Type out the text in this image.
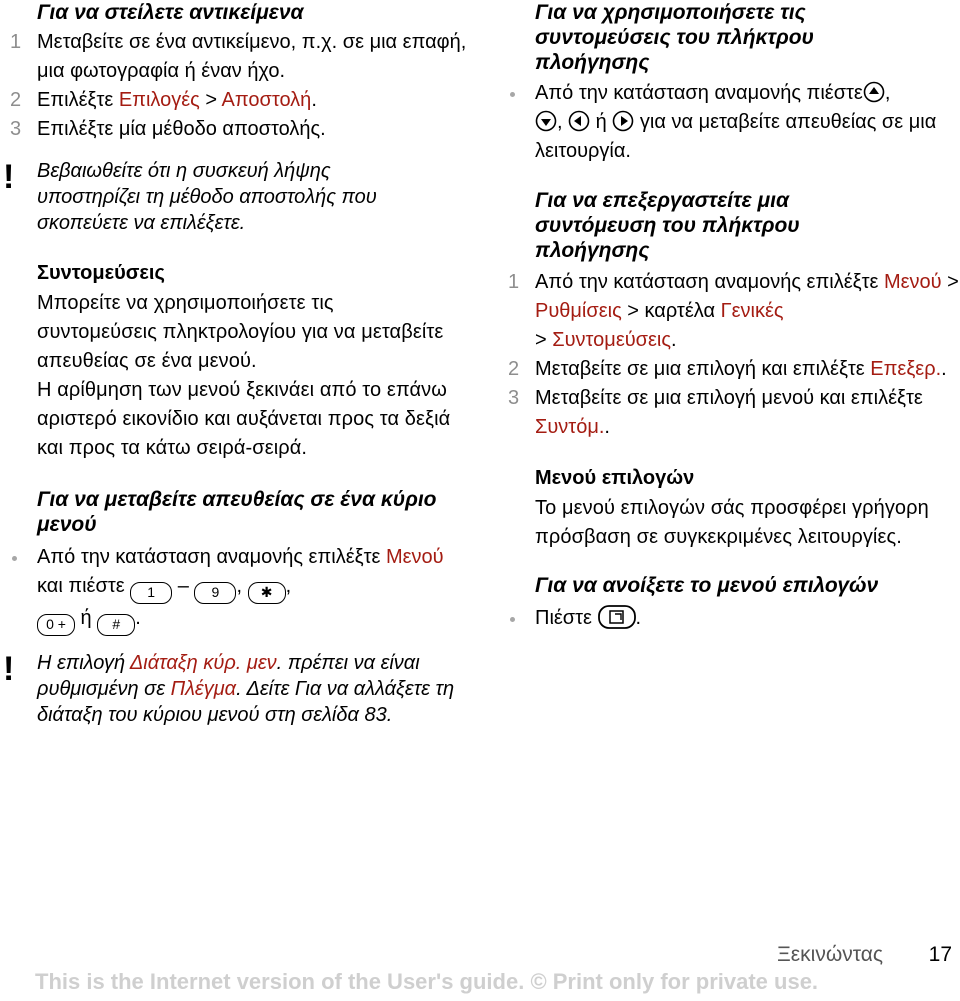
Για να στείλετε αντικείμενα
1 Μεταβείτε σε ένα αντικείμενο, π.χ. σε μια επαφή, μια φωτογραφία ή έναν ήχο.
2 Επιλέξτε Επιλογές > Αποστολή.
3 Επιλέξτε μία μέθοδο αποστολής.
! Βεβαιωθείτε ότι η συσκευή λήψης υποστηρίζει τη μέθοδο αποστολής που σκοπεύετε να επιλέξετε.
Συντομεύσεις
Μπορείτε να χρησιμοποιήσετε τις συντομεύσεις πληκτρολογίου για να μεταβείτε απευθείας σε ένα μενού.
Η αρίθμηση των μενού ξεκινάει από το επάνω αριστερό εικονίδιο και αυξάνεται προς τα δεξιά και προς τα κάτω σειρά-σειρά.
Για να μεταβείτε απευθείας σε ένα κύριο μενού
Από την κατάσταση αναμονής επιλέξτε Μενού και πιέστε 1 – 9 , ✱ ,
0 + ή # .
! Η επιλογή Διάταξη κύρ. μεν. πρέπει να είναι ρυθμισμένη σε Πλέγμα. Δείτε Για να αλλάξετε τη διάταξη του κύριου μενού στη σελίδα 83.
Για να χρησιμοποιήσετε τις συντομεύσεις του πλήκτρου πλοήγησης
Από την κατάσταση αναμονής πιέστε ,

,
ή
για να μεταβείτε απευθείας σε μια λειτουργία.
Για να επεξεργαστείτε μια συντόμευση του πλήκτρου πλοήγησης
1 Από την κατάσταση αναμονής επιλέξτε Μενού > Ρυθμίσεις > καρτέλα Γενικές
> Συντομεύσεις.
2 Μεταβείτε σε μια επιλογή και επιλέξτε Επεξερ..
3 Μεταβείτε σε μια επιλογή μενού και επιλέξτε Συντόμ..
Μενού επιλογών
Το μενού επιλογών σάς προσφέρει γρήγορη πρόσβαση σε συγκεκριμένες λειτουργίες.
Για να ανοίξετε το μενού επιλογών
Πιέστε
.
Ξεκινώντας 17
This is the Internet version of the User's guide. © Print only for private use.
